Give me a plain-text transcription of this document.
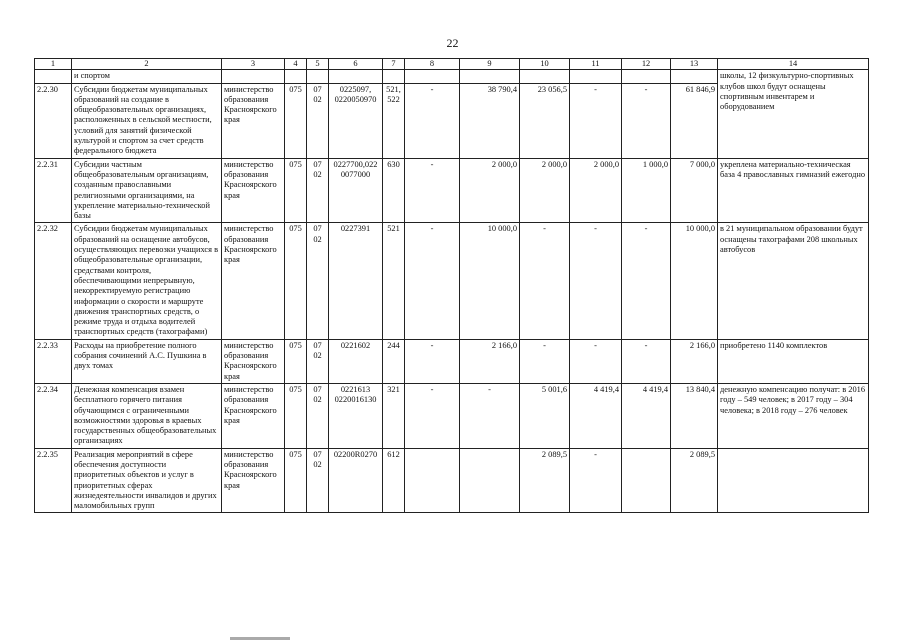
22
1	2	3	4	5	6	7	8	9	10	11	12	13	14
	и спортом												школы, 12 физкультурно-спортивных клубов школ будут оснащены спортивным инвентарем и оборудованием
2.2.30	Субсидии бюджетам муниципальных образований на создание в общеобразовательных организациях, расположенных в сельской местности, условий для занятий физической культурой и спортом за счет средств федерального бюджета	министерство образования Красноярского края	075	07 02	0225097, 0220050970	521, 522	-	38 790,4	23 056,5	-	-	61 846,9	
2.2.31	Субсидии частным общеобразовательным организациям, созданным православными религиозными организациями, на укрепление материально-технической базы	министерство образования Красноярского края	075	07 02	0227700,022 0077000	630	-	2 000,0	2 000,0	2 000,0	1 000,0	7 000,0	укреплена материально-техническая база 4 православных гимназий ежегодно
2.2.32	Субсидии бюджетам муниципальных образований на оснащение автобусов, осуществляющих перевозки учащихся в общеобразовательные организации, средствами контроля, обеспечивающими непрерывную, некорректируемую регистрацию информации о скорости и маршруте движения транспортных средств, о режиме труда и отдыха водителей транспортных средств (тахографами)	министерство образования Красноярского края	075	07 02	0227391	521	-	10 000,0	-	-	-	10 000,0	в 21 муниципальном образовании будут оснащены тахографами 208 школьных автобусов
2.2.33	Расходы на приобретение полного собрания сочинений А.С. Пушкина в двух томах	министерство образования Красноярского края	075	07 02	0221602	244	-	2 166,0	-	-	-	2 166,0	приобретено 1140 комплектов
2.2.34	Денежная компенсация взамен бесплатного горячего питания обучающимся с ограниченными возможностями здоровья в краевых государственных общеобразовательных организациях	министерство образования Красноярского края	075	07 02	0221613 0220016130	321	-	-	5 001,6	4 419,4	4 419,4	13 840,4	денежную компенсацию получат: в 2016 году – 549 человек; в 2017 году – 304 человека; в 2018 году – 276 человек
2.2.35	Реализация мероприятий в сфере обеспечения доступности приоритетных объектов и услуг в приоритетных сферах жизнедеятельности инвалидов и других маломобильных групп	министерство образования Красноярского края	075	07 02	02200R0270	612			2 089,5	-		2 089,5	
